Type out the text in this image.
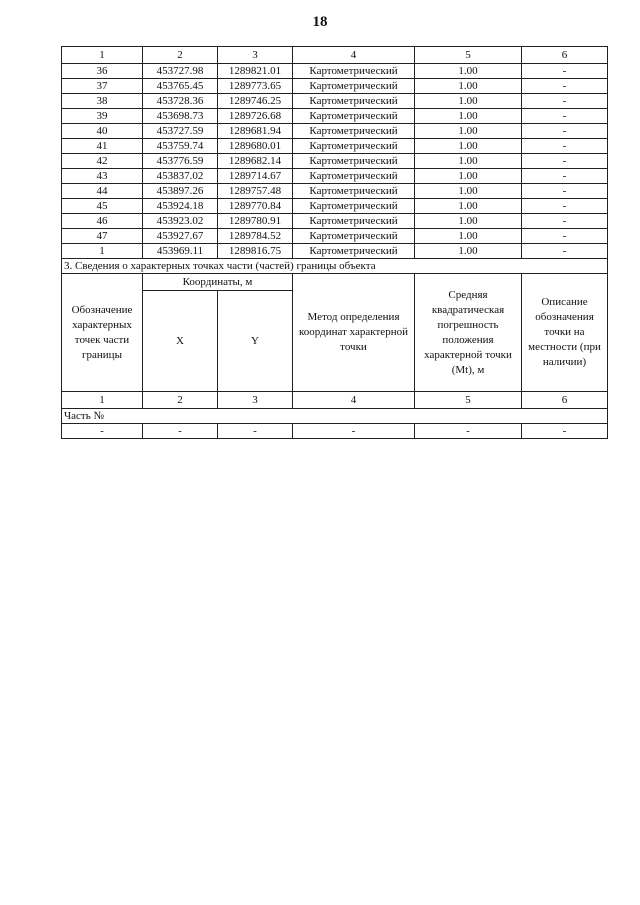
18
1	2	3	4	5	6
36	453727.98	1289821.01	Картометрический	1.00	-
37	453765.45	1289773.65	Картометрический	1.00	-
38	453728.36	1289746.25	Картометрический	1.00	-
39	453698.73	1289726.68	Картометрический	1.00	-
40	453727.59	1289681.94	Картометрический	1.00	-
41	453759.74	1289680.01	Картометрический	1.00	-
42	453776.59	1289682.14	Картометрический	1.00	-
43	453837.02	1289714.67	Картометрический	1.00	-
44	453897.26	1289757.48	Картометрический	1.00	-
45	453924.18	1289770.84	Картометрический	1.00	-
46	453923.02	1289780.91	Картометрический	1.00	-
47	453927.67	1289784.52	Картометрический	1.00	-
1	453969.11	1289816.75	Картометрический	1.00	-
3. Сведения о характерных точках части (частей) границы объекта					
Обозначение характерных точек части границы	Координаты, м		Метод определения координат характерной точки	Средняя квадратическая погрешность положения характерной точки (Mt), м	Описание обозначения точки на местности (при наличии)
	X	Y			
1	2	3	4	5	6
Часть №					
-	-	-	-	-	-
